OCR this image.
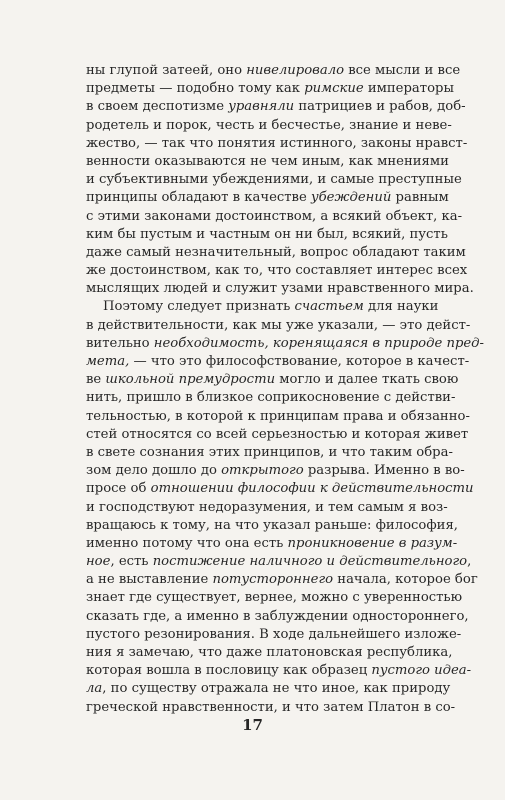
ны глупой затеей, оно нивелировало все мысли и все
предметы — подобно тому как римские императоры
в своем деспотизме уравняли патрициев и рабов, доб-
родетель и порок, честь и бесчестье, знание и неве-
жество, — так что понятия истинного, законы нравст-
венности оказываются не чем иным, как мнениями
и субъективными убеждениями, и самые преступные
принципы обладают в качестве убеждений равным
с этими законами достоинством, а всякий объект, ка-
ким бы пустым и частным он ни был, всякий, пусть
даже самый незначительный, вопрос обладают таким
же достоинством, как то, что составляет интерес всех
мыслящих людей и служит узами нравственного мира.
Поэтому следует признать счастьем для науки
в действительности, как мы уже указали, — это дейст-
вительно необходимость, коренящаяся в природе пред-
мета, — что это философствование, которое в качест-
ве школьной премудрости могло и далее ткать свою
нить, пришло в близкое соприкосновение с действи-
тельностью, в которой к принципам права и обязанно-
стей относятся со всей серьезностью и которая живет
в свете сознания этих принципов, и что таким обра-
зом дело дошло до открытого разрыва. Именно в во-
просе об отношении философии к действительности
и господствуют недоразумения, и тем самым я воз-
вращаюсь к тому, на что указал раньше: философия,
именно потому что она есть проникновение в разум-
ное, есть постижение наличного и действительного,
а не выставление потустороннего начала, которое бог
знает где существует, вернее, можно с уверенностью
сказать где, а именно в заблуждении одностороннего,
пустого резонирования. В ходе дальнейшего изложе-
ния я замечаю, что даже платоновская республика,
которая вошла в пословицу как образец пустого идеа-
ла, по существу отражала не что иное, как природу
греческой нравственности, и что затем Платон в со-
17
